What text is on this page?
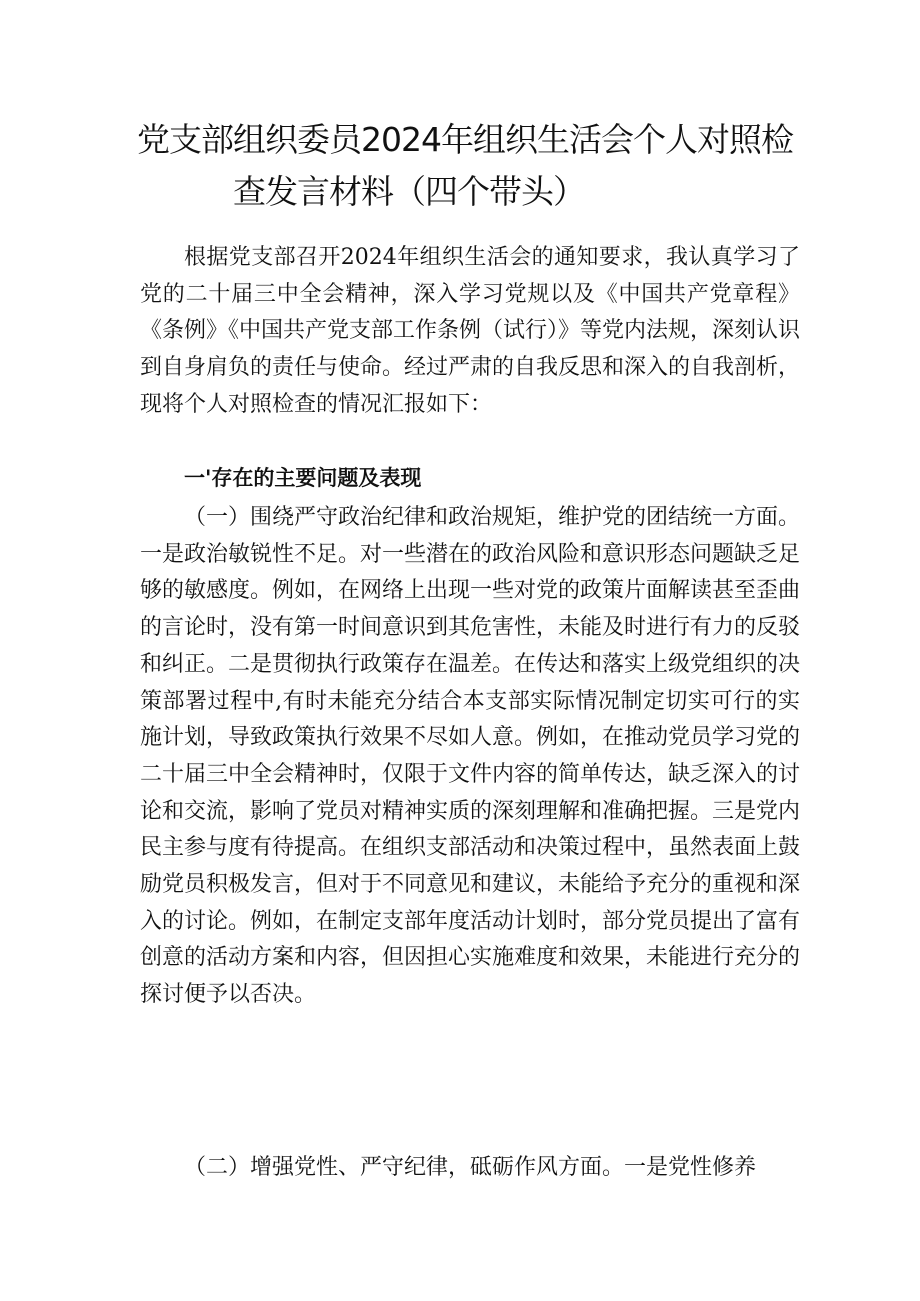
党支部组织委员2024年组织生活会个人对照检
查发言材料（四个带头）

根据党支部召开2024年组织生活会的通知要求，我认真学习了党的二十届三中全会精神，深入学习党规以及《中国共产党章程》《条例》《中国共产党支部工作条例（试行）》等党内法规，深刻认识到自身肩负的责任与使命。经过严肃的自我反思和深入的自我剖析，现将个人对照检查的情况汇报如下：

一'存在的主要问题及表现

（一）围绕严守政治纪律和政治规矩，维护党的团结统一方面。一是政治敏锐性不足。对一些潜在的政治风险和意识形态问题缺乏足够的敏感度。例如，在网络上出现一些对党的政策片面解读甚至歪曲的言论时，没有第一时间意识到其危害性，未能及时进行有力的反驳和纠正。二是贯彻执行政策存在温差。在传达和落实上级党组织的决策部署过程中,有时未能充分结合本支部实际情况制定切实可行的实施计划，导致政策执行效果不尽如人意。例如，在推动党员学习党的二十届三中全会精神时，仅限于文件内容的简单传达，缺乏深入的讨论和交流，影响了党员对精神实质的深刻理解和准确把握。三是党内民主参与度有待提高。在组织支部活动和决策过程中，虽然表面上鼓励党员积极发言，但对于不同意见和建议，未能给予充分的重视和深入的讨论。例如，在制定支部年度活动计划时，部分党员提出了富有创意的活动方案和内容，但因担心实施难度和效果，未能进行充分的探讨便予以否决。

（二）增强党性、严守纪律，砥砺作风方面。一是党性修养
